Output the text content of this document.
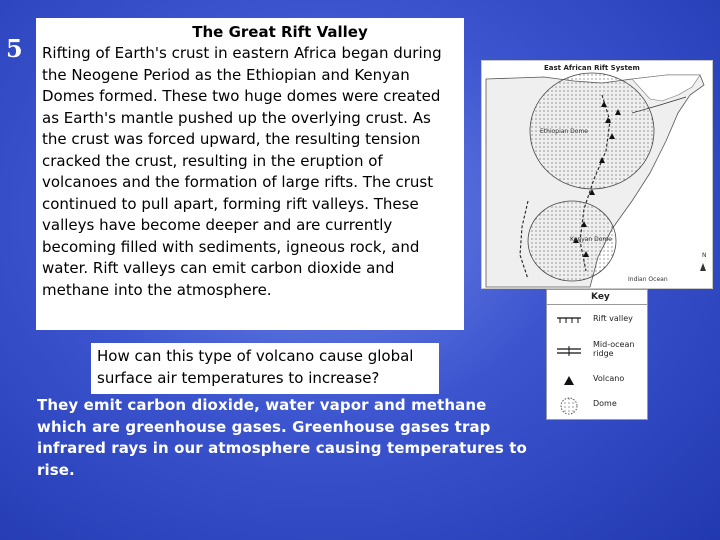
5
The Great Rift Valley

Rifting of Earth's crust in eastern Africa began during the Neogene Period as the Ethiopian and Kenyan Domes formed. These two huge domes were created as Earth's mantle pushed up the overlying crust. As the crust was forced upward, the resulting tension cracked the crust, resulting in the eruption of volcanoes and the formation of large rifts. The crust continued to pull apart, forming rift valleys. These valleys have become deeper and are currently becoming filled with sediments, igneous rock, and water. Rift valleys can emit carbon dioxide and methane into the atmosphere.

How can this type of volcano cause global surface air temperatures to increase?
They emit carbon dioxide, water vapor and methane which are greenhouse gases. Greenhouse gases trap infrared rays in our atmosphere causing temperatures to rise.
East African Rift System
Ethiopian Dome
Kenyan Dome
Indian Ocean
N
Key
Rift valley
Mid-ocean ridge
Volcano
Dome
